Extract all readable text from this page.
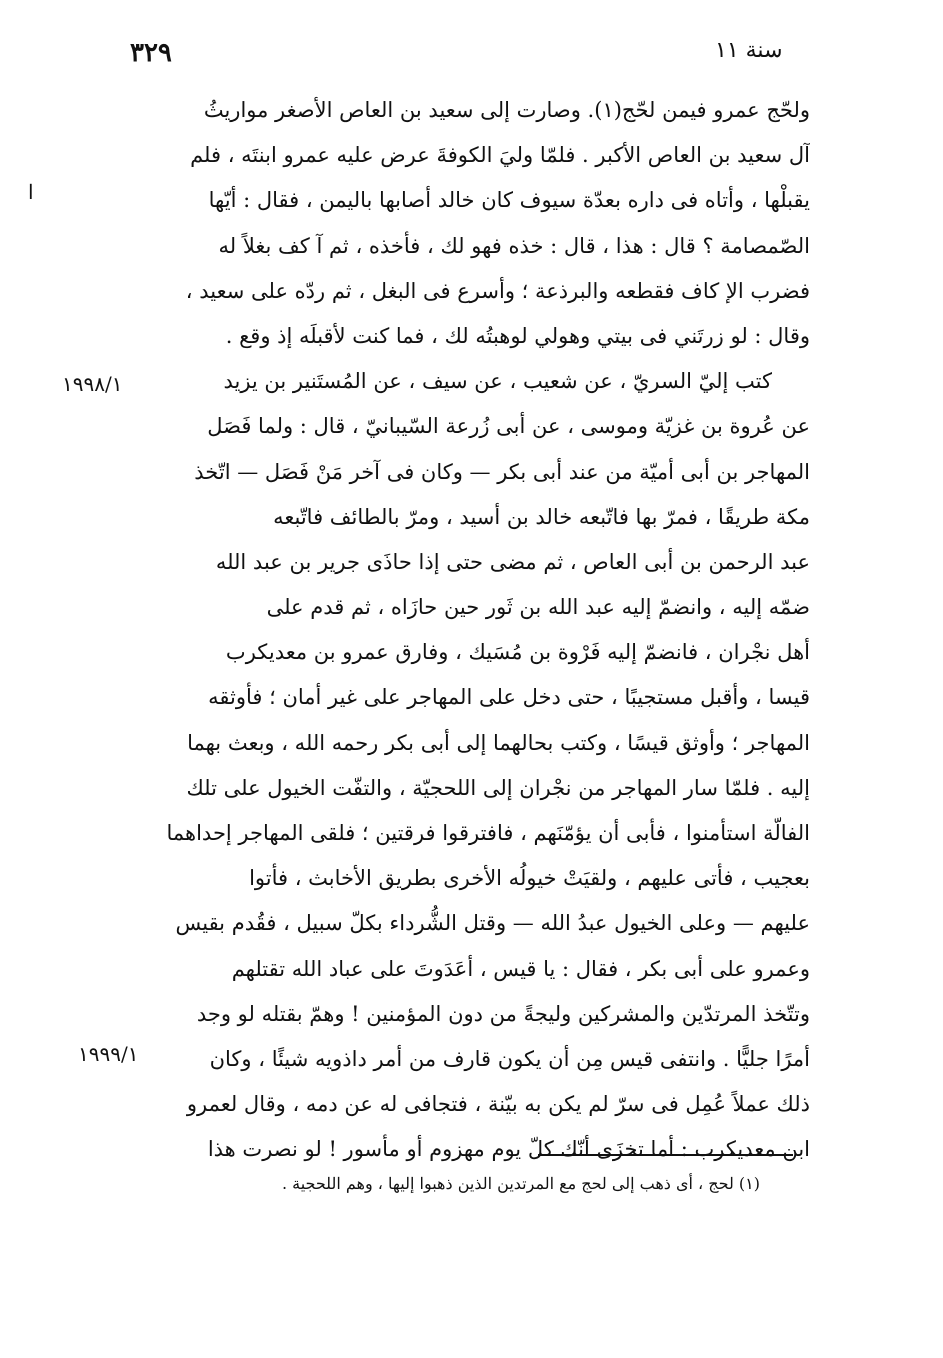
٣٢٩	سنة ١١
ا
١٩٩٨/١
١٩٩٩/١
ولحّج عمرو فيمن لحّج(١). وصارت إلى سعيد بن العاص الأصغر مواريثُ
آل سعيد بن العاص الأكبر . فلمّا وليَ الكوفةَ عرض عليه عمرو ابنتَه ، فلم
يقبلْها ، وأتاه فى داره بعدّة سيوف كان خالد أصابها باليمن ، فقال : أيّها
الصّمصامة ؟ قال : هذا ، قال : خذه فهو لك ، فأخذه ، ثم آ كف بغلاً له
فضرب الإ كاف فقطعه والبرذعة ؛ وأسرع فى البغل ، ثم ردّه على سعيد ،
وقال : لو زرتَني فى بيتي وهولي لوهبتُه لك ، فما كنت لأقبلَه إذ وقع .
كتب إليّ السريّ ، عن شعيب ، عن سيف ، عن المُستَنير بن يزيد
عن عُروة بن غزيّة وموسى ، عن أبى زُرعة السّيبانيّ ، قال : ولما فَصَل
المهاجر بن أبى أميّة من عند أبى بكر — وكان فى آخر مَنْ فَصَل — اتّخذ
مكة طريقًا ، فمرّ بها فاتّبعه خالد بن أسيد ، ومرّ بالطائف فاتّبعه
عبد الرحمن بن أبى العاص ، ثم مضى حتى إذا حاذَى جرير بن عبد الله
ضمّه إليه ، وانضمّ إليه عبد الله بن ثَور حين حازَاه ، ثم قدم على
أهل نجْران ، فانضمّ إليه فَرْوة بن مُسَيك ، وفارق عمرو بن معديكرب
قيسا ، وأقبل مستجيبًا ، حتى دخل على المهاجر على غير أمان ؛ فأوثقه
المهاجر ؛ وأوثق قيسًا ، وكتب بحالهما إلى أبى بكر رحمه الله ، وبعث بهما
إليه . فلمّا سار المهاجر من نجْران إلى اللحجيّة ، والتفّت الخيول على تلك
الفالّة استأمنوا ، فأبى أن يؤمّنَهم ، فافترقوا فرقتين ؛ فلقى المهاجر إحداهما
بعجيب ، فأتى عليهم ، ولقيَتْ خيولُه الأخرى بطريق الأخابث ، فأتوا
عليهم — وعلى الخيول عبدُ الله — وقتل الشُّرداء بكلّ سبيل ، فقُدم بقيس
وعمرو على أبى بكر ، فقال : يا قيس ، أعَدَوتَ على عباد الله تقتلهم
وتتّخذ المرتدّين والمشركين وليجةً من دون المؤمنين ! وهمّ بقتله لو وجد
أمرًا جليًّا . وانتفى قيس مِن أن يكون قارف من أمر داذويه شيئًا ، وكان
ذلك عملاً عُمِل فى سرّ لم يكن به بيّنة ، فتجافى له عن دمه ، وقال لعمرو
ابن معديكرب : أما تخزَى أنّك كلّ يوم مهزوم أو مأسور ! لو نصرت هذا
(١) لحج ، أى ذهب إلى لحج مع المرتدين الذين ذهبوا إليها ، وهم اللحجية .
